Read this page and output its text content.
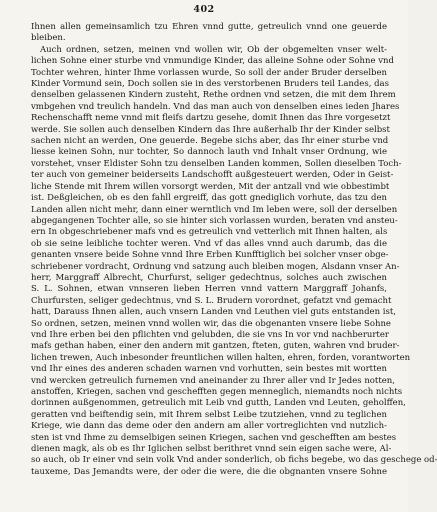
402
Ihnen allen gemeinsamlich tzu Ehren vnnd gutte, getreulich vnnd one geuerde
bleiben.
Auch ordnen, setzen, meinen vnd wollen wir, Ob der obgemelten vnser welt-
lichen Sohne einer sturbe vnd vnmundige Kinder, das alleine Sohne oder Sohne vnd
Tochter wehren, hinter Ihme vorlassen wurde, So soll der ander Bruder derselben
Kinder Vormund sein, Doch sollen sie in des verstorbenen Bruders teil Landes, das
denselben gelassenen Kindern zusteht, Rethe ordnen vnd setzen, die mit dem Ihrem
vmbgehen vnd treulich handeln. Vnd das man auch von denselben eines ieden Jhares
Rechenschafft neme vnnd mit fleifs dartzu gesehe, domit Ihnen das Ihre vorgesetzt
werde. Sie sollen auch denselben Kindern das Ihre außerhalb Ihr der Kinder selbst
sachen nicht an werden, One geuerde. Begebe sichs aber, das Ihr einer sturbe vnd
liesse keinen Sohn, nur tochter, So dannoch lauth vnd Inhalt vnser Ordnung, wie
vorstehet, vnser Eldister Sohn tzu denselben Landen kommen, Sollen dieselben Toch-
ter auch von gemeiner beiderseits Landschofft außgesteuert werden, Oder in Geist-
liche Stende mit Ihrem willen vorsorgt werden, Mit der antzall vnd wie obbestimbt
ist. Deßgleichen, ob es den fahll ergreiff, das gott gnediglich vorhute, das tzu den
Landen allen nicht mehr, dann einer werntlich vnd Im leben were, soll der derselben
abgegangenen Tochter alle, so sie hinter sich vorlassen wurden, beraten vnd ansteu-
ern In obgeschriebener mafs vnd es getreulich vnd vetterlich mit Ihnen halten, als
ob sie seine leibliche tochter weren. Vnd vf das alles vnnd auch darumb, das die
genanten vnsere beide Sohne vnnd Ihre Erben Kunfftiglich bei solcher vnser obge-
schriebener vordracht, Ordnung vnd satzung auch bleiben mogen, Alsdann vnser An-
herr, Marggraff Albrecht, Churfurst, seliger gedechtnus, solches auch zwischen
S. L. Sohnen, etwan vnnseren lieben Herren vnnd vattern Marggraff Johanfs,
Churfursten, seliger gedechtnus, vnd S. L. Brudern vorordnet, gefatzt vnd gemacht
hatt, Darauss Ihnen allen, auch vnsern Landen vnd Leuthen viel guts entstanden ist,
So ordnen, setzen, meinen vnnd wollen wir, das die obgenanten vnsere liebe Sohne
vnd Ihre erben bei den pflichten vnd gelubden, die sie vns In vor vnd nachberurter
mafs gethan haben, einer den andern mit gantzen, fteten, guten, wahren vnd bruder-
lichen trewen, Auch inbesonder freuntlichen willen halten, ehren, forden, vorantworten
vnd Ihr eines des anderen schaden warnen vnd vorhutten, sein bestes mit wortten
vnd wercken getreulich furnemen vnd aneinander zu Ihrer aller vnd Ir Jedes notten,
anstoffen, Kriegen, sachen vnd geschefften gegen menneglich, niemandts noch nichts
dorinnen außgenommen, getreulich mit Leib vnd gutth, Landen vnd Leuten, geholffen,
geratten vnd beiftendig sein, mit Ihrem selbst Leibe tzutziehen, vnnd zu teglichen
Kriege, wie dann das deme oder den andern am aller vortreglichten vnd nutzlich-
sten ist vnd Ihme zu demselbigen seinen Kriegen, sachen vnd geschefften am bestes
dienen magk, als ob es Ihr Iglichen selbst berithret vnnd sein eigen sache were, Al-
so auch, ob Ir einer vnd sein volk Vnd ander sonderlich, ob fichs begebe, wo das geschege od-
tauxeme, Das Jemandts were, der oder die were, die die obgnanten vnsere Sohne
